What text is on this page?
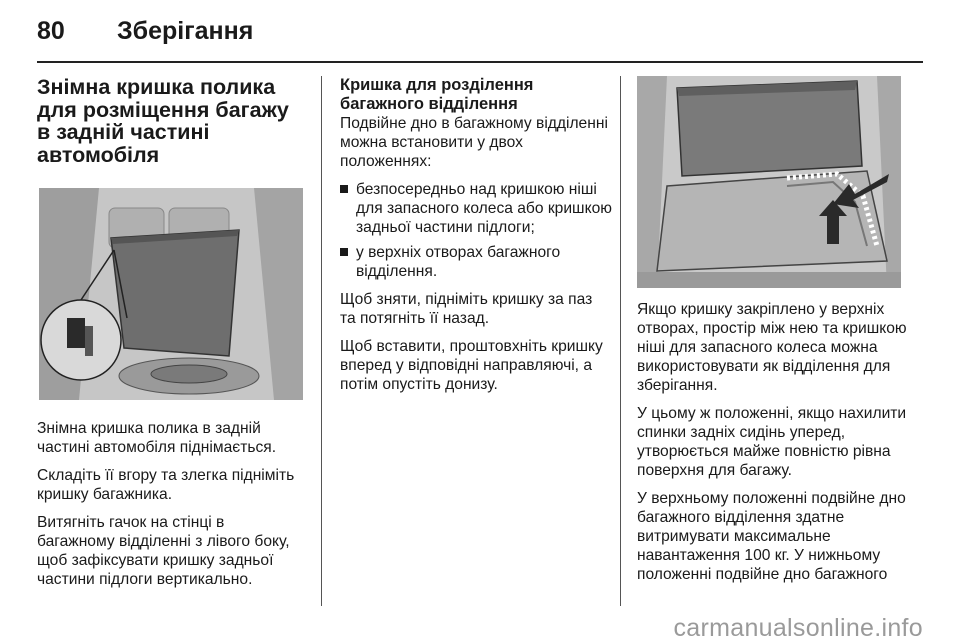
80 Зберігання
Знімна кришка полика для розміщення багажу в задній частині автомобіля

Знімна кришка полика в задній частині автомобіля піднімається.

Складіть її вгору та злегка підніміть кришку багажника.

Витягніть гачок на стінці в багажному відділенні з лівого боку, щоб зафіксувати кришку задньої частини підлоги вертикально.

Кришка для розділення багажного відділення

Подвійне дно в багажному відділенні можна встановити у двох положеннях:

безпосередньо над кришкою ніші для запасного колеса або кришкою задньої частини підлоги;
у верхніх отворах багажного відділення.

Щоб зняти, підніміть кришку за паз та потягніть її назад.

Щоб вставити, проштовхніть кришку вперед у відповідні направляючі, а потім опустіть донизу.

Якщо кришку закріплено у верхніх отворах, простір між нею та кришкою ніші для запасного колеса можна використовувати як відділення для зберігання.

У цьому ж положенні, якщо нахилити спинки задніх сидінь уперед, утворюється майже повністю рівна поверхня для багажу.

У верхньому положенні подвійне дно багажного відділення здатне витримувати максимальне навантаження 100 кг. У нижньому положенні подвійне дно багажного

carmanualsonline.info
